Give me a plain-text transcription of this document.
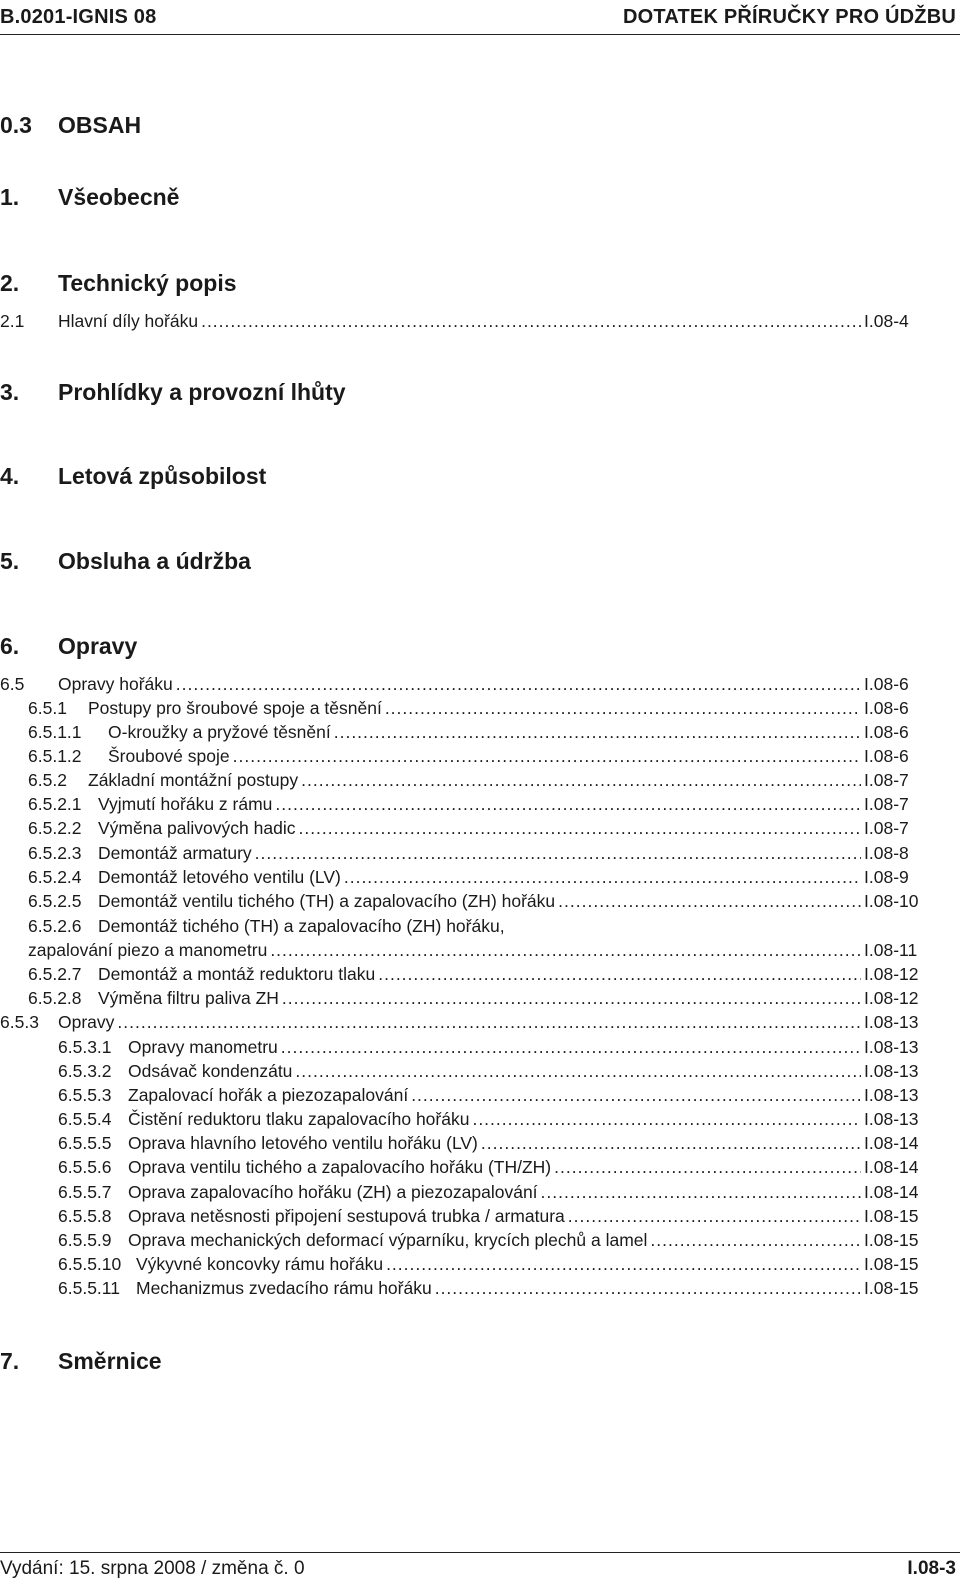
B.0201-IGNIS 08	DOTATEK PŘÍRUČKY PRO ÚDŽBU
0.3 OBSAH
1. Všeobecně
2. Technický popis
3. Prohlídky a provozní lhůty
4. Letová způsobilost
5. Obsluha a údržba
6. Opravy
7. Směrnice
2.1	Hlavní díly hořáku .....	I.08-4
6.5	Opravy hořáku .....	I.08-6
6.5.1	Postupy pro šroubové spoje a těsnění .....	I.08-6
6.5.1.1	O-kroužky a pryžové těsnění .....	I.08-6
6.5.1.2	Šroubové spoje .....	I.08-6
6.5.2	Základní montážní postupy .....	I.08-7
6.5.2.1 Vyjmutí hořáku z rámu .....	I.08-7
6.5.2.2 Výměna palivových hadic .....	I.08-7
6.5.2.3 Demontáž armatury .....	I.08-8
6.5.2.4 Demontáž letového ventilu (LV) .....	I.08-9
6.5.2.5 Demontáž ventilu tichého (TH) a zapalovacího (ZH) hořáku .....	I.08-10
6.5.2.6 Demontáž tichého (TH) a zapalovacího (ZH) hořáku,
zapalování piezo a manometru .....	I.08-11
6.5.2.7 Demontáž a montáž reduktoru tlaku .....	I.08-12
6.5.2.8 Výměna filtru paliva ZH .....	I.08-12
6.5.3	Opravy .....	I.08-13
6.5.3.1 Opravy manometru .....	I.08-13
6.5.3.2 Odsávač kondenzátu .....	I.08-13
6.5.5.3 Zapalovací hořák a piezozapalování .....	I.08-13
6.5.5.4 Čistění reduktoru tlaku zapalovacího hořáku .....	I.08-13
6.5.5.5 Oprava hlavního letového ventilu hořáku (LV) .....	I.08-14
6.5.5.6 Oprava ventilu tichého a zapalovacího hořáku (TH/ZH) .....	I.08-14
6.5.5.7 Oprava zapalovacího hořáku (ZH) a piezozapalování .....	I.08-14
6.5.5.8 Oprava netěsnosti připojení sestupová trubka / armatura .....	I.08-15
6.5.5.9 Oprava mechanických deformací výparníku, krycích plechů a lamel .....	I.08-15
6.5.5.10 Výkyvné koncovky rámu hořáku .....	I.08-15
6.5.5.11 Mechanizmus zvedacího rámu hořáku .....	I.08-15
Vydání: 15. srpna 2008 / změna č. 0	I.08-3
